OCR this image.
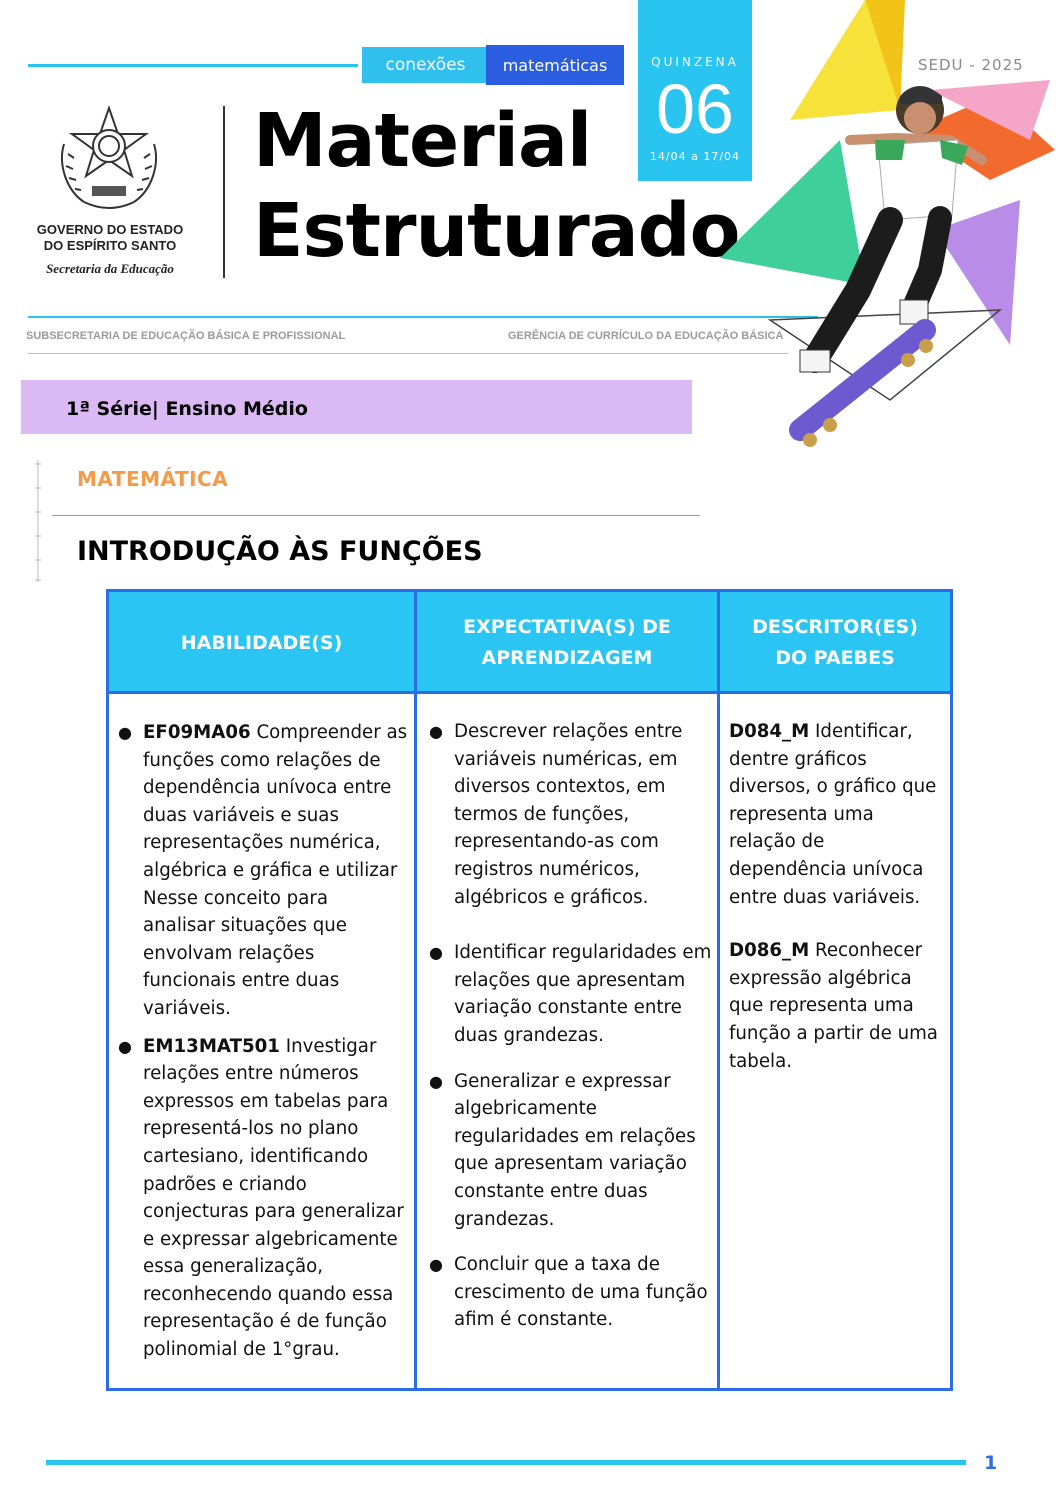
conexões matemáticas	QUINZENA
06
14/04 a 17/04
SEDU - 2025
GOVERNO DO ESTADO
DO ESPÍRITO SANTO
Secretaria da Educação
Material
Estruturado
SUBSECRETARIA DE EDUCAÇÃO BÁSICA E PROFISSIONAL	GERÊNCIA DE CURRÍCULO DA EDUCAÇÃO BÁSICA
1ª Série| Ensino Médio
MATEMÁTICA
INTRODUÇÃO ÀS FUNÇÕES
HABILIDADE(S)
EXPECTATIVA(S) DE
APRENDIZAGEM
DESCRITOR(ES)
DO PAEBES
● EF09MA06 Compreender as
funções como relações de
dependência unívoca entre
duas variáveis e suas
representações numérica,
algébrica e gráfica e utilizar
Nesse conceito para
analisar situações que
envolvam relações
funcionais entre duas
variáveis.
● EM13MAT501 Investigar
relações entre números
expressos em tabelas para
representá-los no plano
cartesiano, identificando
padrões e criando
conjecturas para generalizar
e expressar algebricamente
essa generalização,
reconhecendo quando essa
representação é de função
polinomial de 1°grau.
● Descrever relações entre
variáveis numéricas, em
diversos contextos, em
termos de funções,
representando-as com
registros numéricos,
algébricos e gráficos.
● Identificar regularidades em
relações que apresentam
variação constante entre
duas grandezas.
● Generalizar e expressar
algebricamente
regularidades em relações
que apresentam variação
constante entre duas
grandezas.
● Concluir que a taxa de
crescimento de uma função
afim é constante.
D084_M Identificar,
dentre gráficos
diversos, o gráfico que
representa uma
relação de
dependência unívoca
entre duas variáveis.
D086_M Reconhecer
expressão algébrica
que representa uma
função a partir de uma
tabela.
1
